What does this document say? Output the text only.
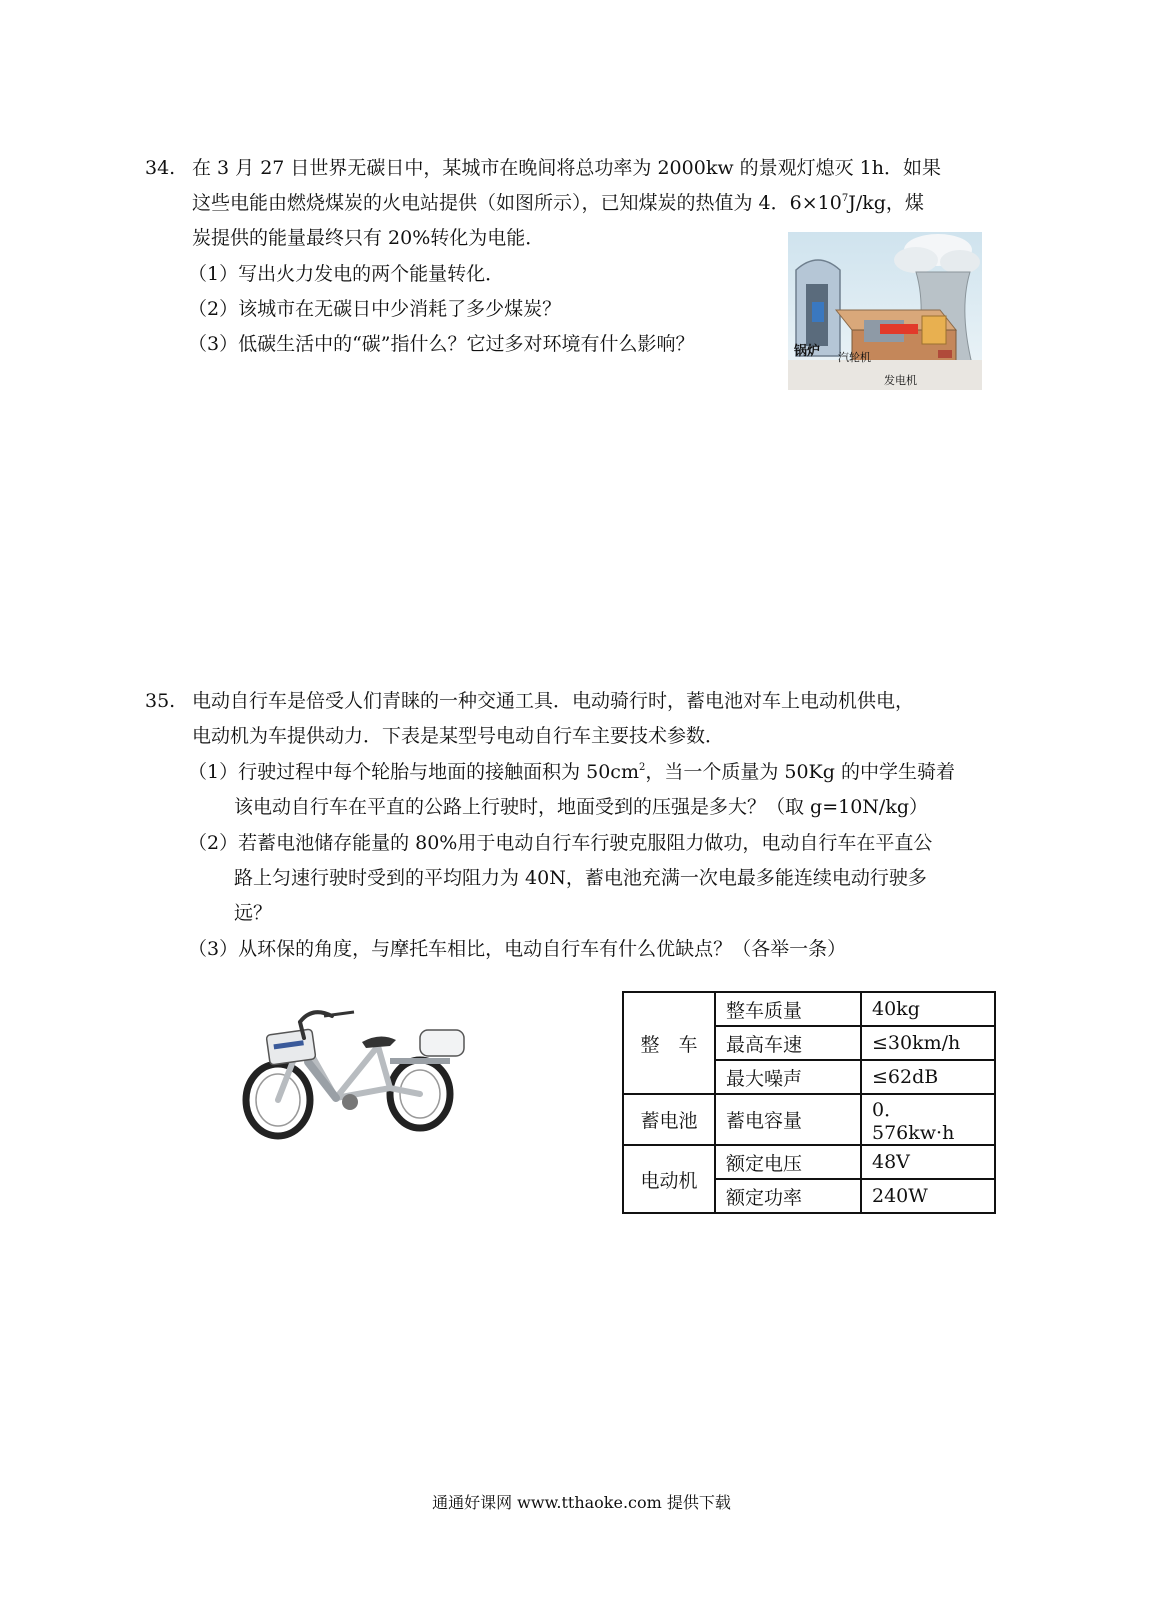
34. 在 3 月 27 日世界无碳日中，某城市在晚间将总功率为 2000kw 的景观灯熄灭 1h．如果
这些电能由燃烧煤炭的火电站提供（如图所示），已知煤炭的热值为 4．$6\times 10^7J/kg$，煤
炭提供的能量最终只有 20%转化为电能．
（1）写出火力发电的两个能量转化．
（2）该城市在无碳日中少消耗了多少煤炭？
（3）低碳生活中的“碳”指什么？它过多对环境有什么影响？	锅炉 汽轮机
发电机
35. 电动自行车是倍受人们青睐的一种交通工具．电动骑行时，蓄电池对车上电动机供电，
电动机为车提供动力．下表是某型号电动自行车主要技术参数．
（1）行驶过程中每个轮胎与地面的接触面积为 $50cm^2$，当一个质量为 50Kg 的中学生骑着
该电动自行车在平直的公路上行驶时，地面受到的压强是多大？（取 g=10N/kg）
（2）若蓄电池储存能量的 80%用于电动自行车行驶克服阻力做功，电动自行车在平直公
路上匀速行驶时受到的平均阻力为 40N，蓄电池充满一次电最多能连续电动行驶多
远？
（3）从环保的角度，与摩托车相比，电动自行车有什么优缺点？（各举一条）
整　车	整车质量	40kg
	最高车速	≤30km/h
	最大噪声	≤62dB
蓄电池	蓄电容量	0．576kw·h
电动机	额定电压	48V
	额定功率	240W
通通好课网 www.tthaoke.com 提供下载
